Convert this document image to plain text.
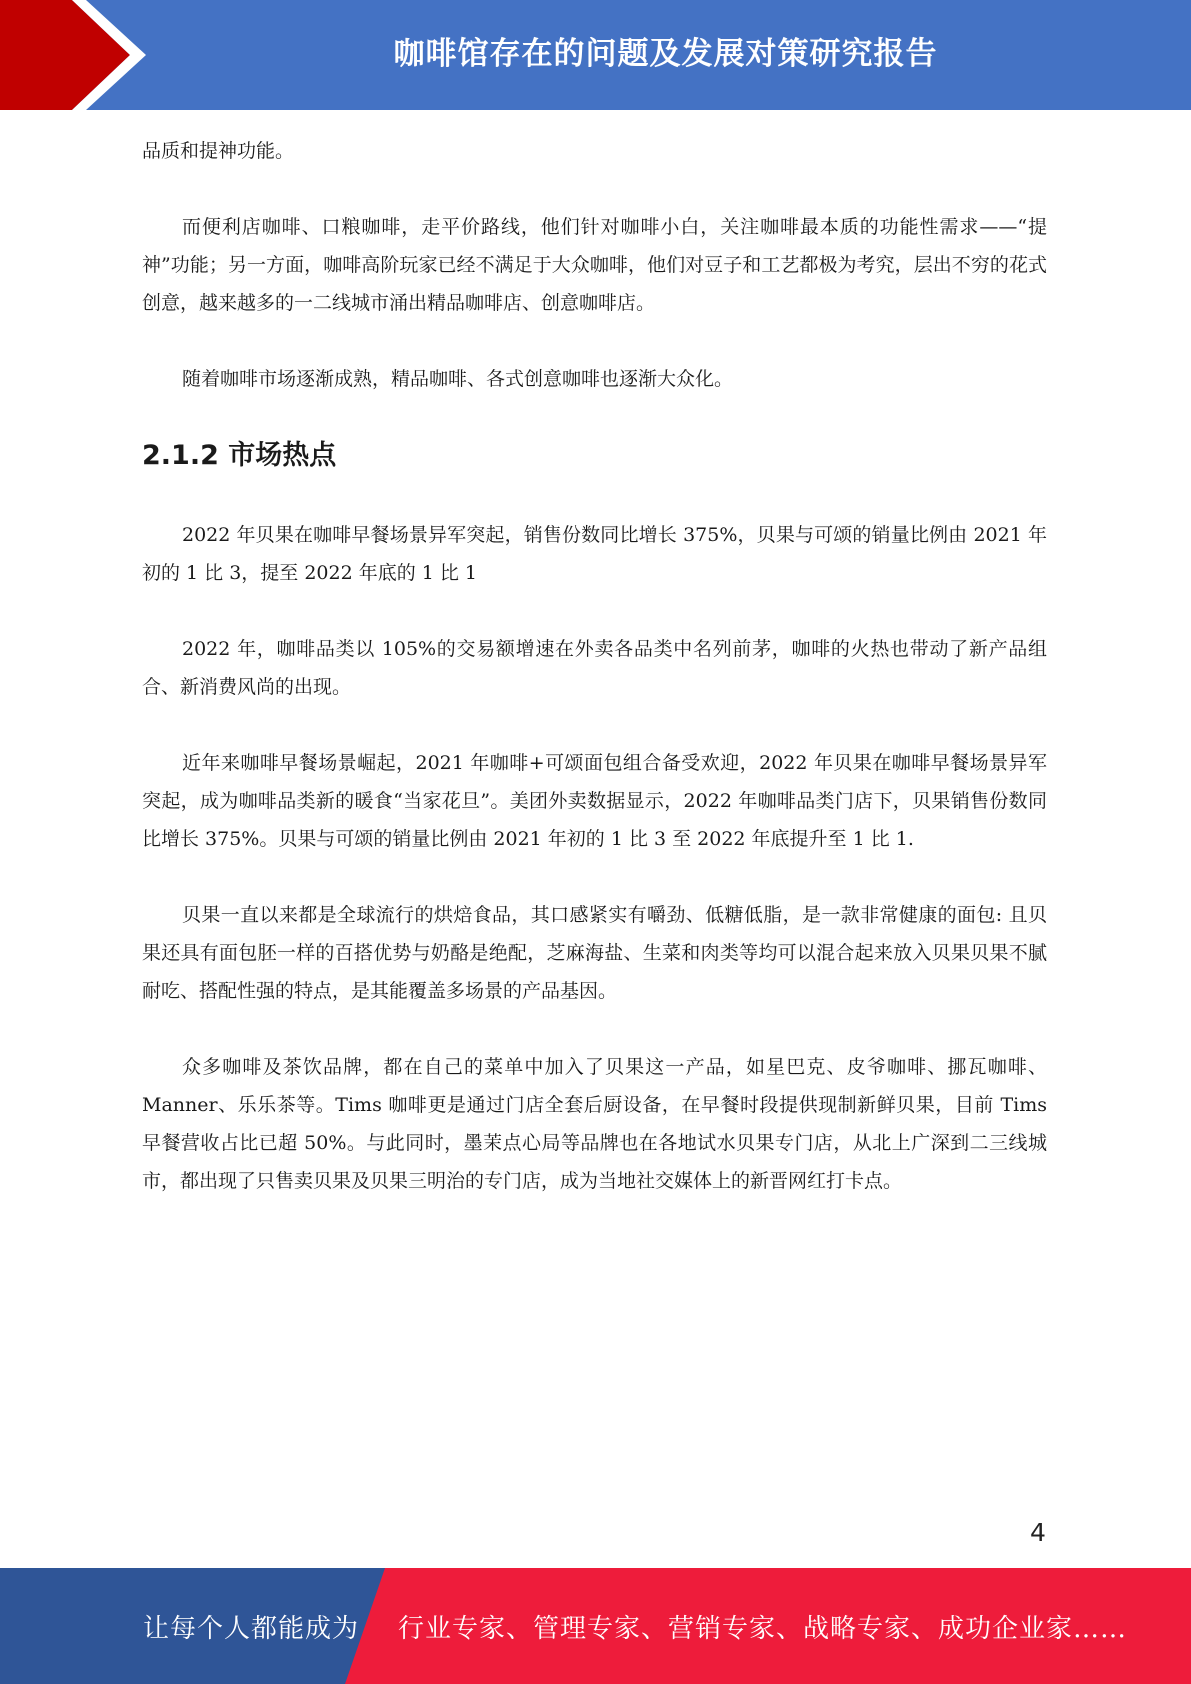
咖啡馆存在的问题及发展对策研究报告

品质和提神功能。

而便利店咖啡、口粮咖啡，走平价路线，他们针对咖啡小白，关注咖啡最本质的功能性需求——“提神”功能；另一方面，咖啡高阶玩家已经不满足于大众咖啡，他们对豆子和工艺都极为考究，层出不穷的花式创意，越来越多的一二线城市涌出精品咖啡店、创意咖啡店。

随着咖啡市场逐渐成熟，精品咖啡、各式创意咖啡也逐渐大众化。

2.1.2 市场热点

2022 年贝果在咖啡早餐场景异军突起，销售份数同比增长 375%，贝果与可颂的销量比例由 2021 年初的 1 比 3，提至 2022 年底的 1 比 1

2022 年，咖啡品类以 105%的交易额增速在外卖各品类中名列前茅，咖啡的火热也带动了新产品组合、新消费风尚的出现。

近年来咖啡早餐场景崛起，2021 年咖啡+可颂面包组合备受欢迎，2022 年贝果在咖啡早餐场景异军突起，成为咖啡品类新的暖食“当家花旦”。美团外卖数据显示，2022 年咖啡品类门店下，贝果销售份数同比增长 375%。贝果与可颂的销量比例由 2021 年初的 1 比 3 至 2022 年底提升至 1 比 1.

贝果一直以来都是全球流行的烘焙食品，其口感紧实有嚼劲、低糖低脂，是一款非常健康的面包: 且贝果还具有面包胚一样的百搭优势与奶酪是绝配，芝麻海盐、生菜和肉类等均可以混合起来放入贝果贝果不腻耐吃、搭配性强的特点，是其能覆盖多场景的产品基因。

众多咖啡及茶饮品牌，都在自己的菜单中加入了贝果这一产品，如星巴克、皮爷咖啡、挪瓦咖啡、Manner、乐乐茶等。Tims 咖啡更是通过门店全套后厨设备，在早餐时段提供现制新鲜贝果，目前 Tims 早餐营收占比已超 50%。与此同时，墨茉点心局等品牌也在各地试水贝果专门店，从北上广深到二三线城市，都出现了只售卖贝果及贝果三明治的专门店，成为当地社交媒体上的新晋网红打卡点。

4
让每个人都能成为 行业专家、管理专家、营销专家、战略专家、成功企业家……
